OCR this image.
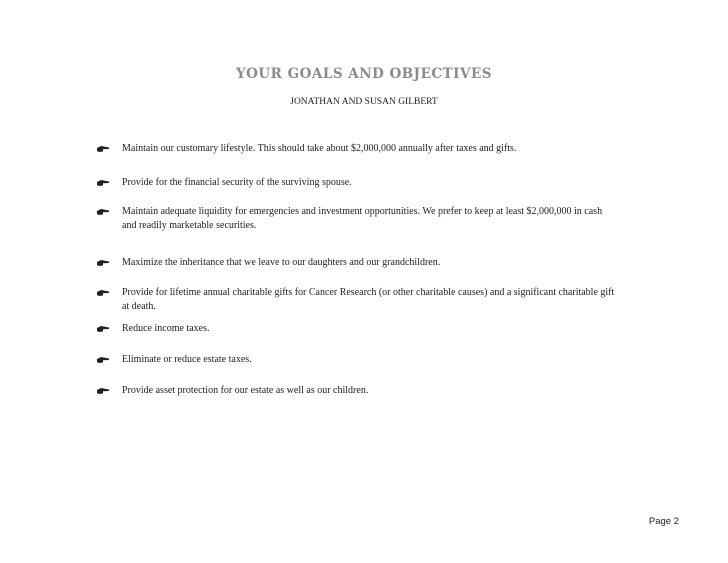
YOUR GOALS AND OBJECTIVES
JONATHAN AND SUSAN GILBERT
Maintain our customary lifestyle. This should take about $2,000,000 annually after taxes and gifts.
Provide for the financial security of the surviving spouse.
Maintain adequate liquidity for emergencies and investment opportunities. We prefer to keep at least $2,000,000 in cash and readily marketable securities.
Maximize the inheritance that we leave to our daughters and our grandchildren.
Provide for lifetime annual charitable gifts for Cancer Research (or other charitable causes) and a significant charitable gift at death.
Reduce income taxes.
Eliminate or reduce estate taxes.
Provide asset protection for our estate as well as our children.
Page 2
